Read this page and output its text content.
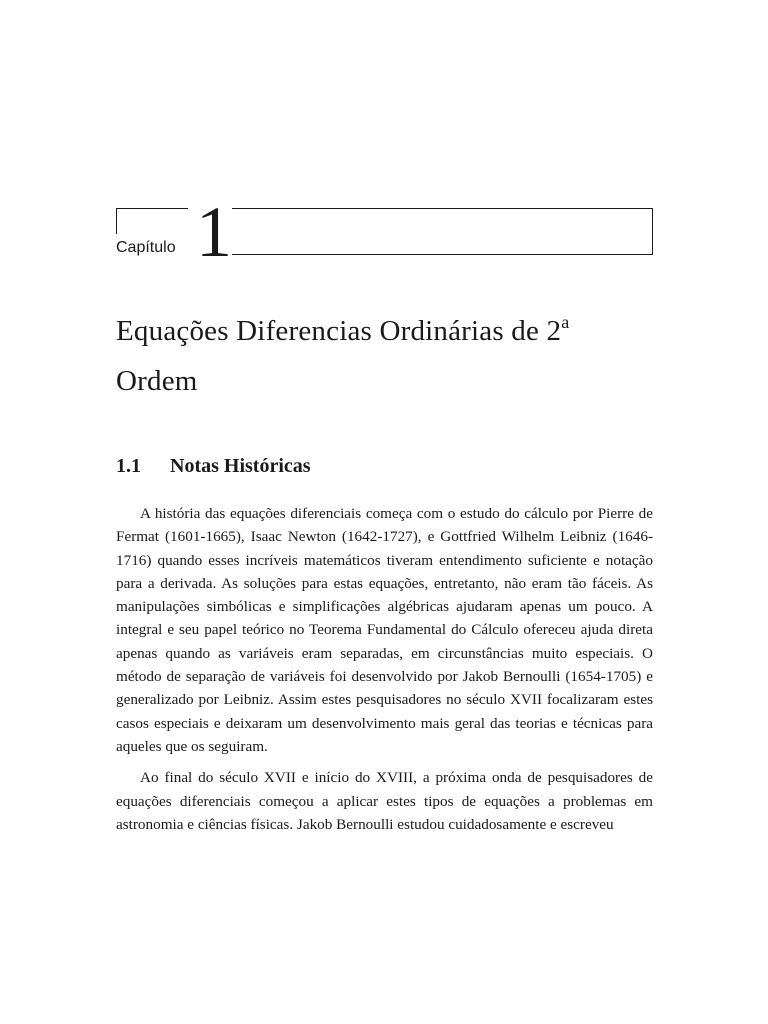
Capítulo 1
Equações Diferencias Ordinárias de 2$^a$
Ordem
1.1 Notas Históricas

A história das equações diferenciais começa com o estudo do cálculo por Pierre de Fermat (1601-1665), Isaac Newton (1642-1727), e Gottfried Wilhelm Leibniz (1646-1716) quando esses incríveis matemáticos tiveram entendimento suficiente e notação para a derivada. As soluções para estas equações, entretanto, não eram tão fáceis. As manipulações simbólicas e simplificações algébricas ajudaram apenas um pouco. A integral e seu papel teórico no Teorema Fundamental do Cálculo ofereceu ajuda direta apenas quando as variáveis eram separadas, em circunstâncias muito especiais. O método de separação de variáveis foi desenvolvido por Jakob Bernoulli (1654-1705) e generalizado por Leibniz. Assim estes pesquisadores no século XVII focalizaram estes casos especiais e deixaram um desenvolvimento mais geral das teorias e técnicas para aqueles que os seguiram.

Ao final do século XVII e início do XVIII, a próxima onda de pesquisadores de equações diferenciais começou a aplicar estes tipos de equações a problemas em astronomia e ciências físicas. Jakob Bernoulli estudou cuidadosamente e escreveu
